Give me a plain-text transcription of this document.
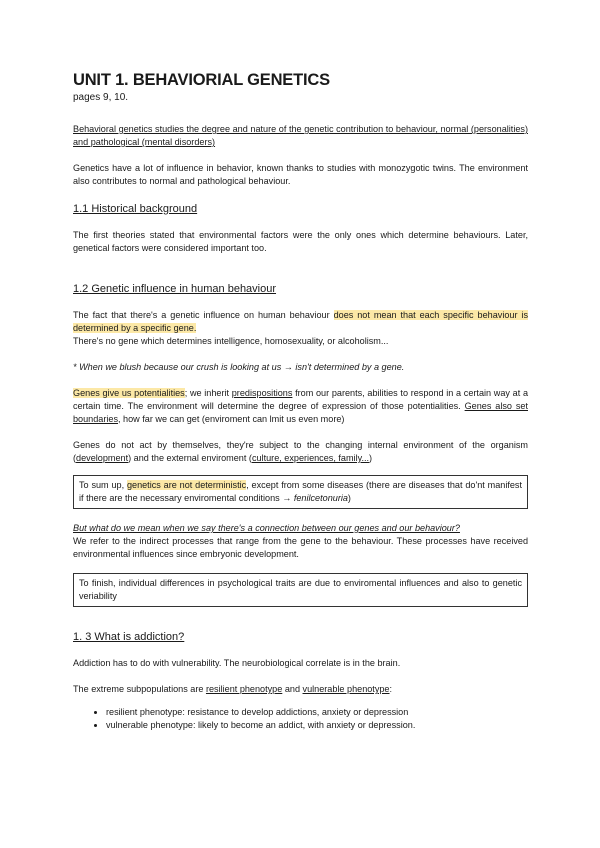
UNIT 1. BEHAVIORIAL GENETICS
pages 9, 10.

Behavioral genetics studies the degree and nature of the genetic contribution to behaviour, normal (personalities) and pathological (mental disorders)

Genetics have a lot of influence in behavior, known thanks to studies with monozygotic twins. The environment also contributes to normal and pathological behaviour.

1.1 Historical background

The first theories stated that environmental factors were the only ones which determine behaviours. Later, genetical factors were considered important too.

1.2 Genetic influence in human behaviour

The fact that there's a genetic influence on human behaviour does not mean that each specific behaviour is determined by a specific gene.

There's no gene which determines intelligence, homosexuality, or alcoholism...

* When we blush because our crush is looking at us → isn't determined by a gene.

Genes give us potentialities; we inherit predispositions from our parents, abilities to respond in a certain way at a certain time. The environment will determine the degree of expression of those potentialities. Genes also set boundaries, how far we can get (enviroment can lmit us even more)

Genes do not act by themselves, they're subject to the changing internal environment of the organism (development) and the external enviroment (culture, experiences, family...)

To sum up, genetics are not deterministic, except from some diseases (there are diseases that do'nt manifest if there are the necessary enviromental conditions → fenilcetonuria)

But what do we mean when we say there's a connection between our genes and our behaviour?

We refer to the indirect processes that range from the gene to the behaviour. These processes have received environmental influences since embryonic development.

To finish, individual differences in psychological traits are due to enviromental influences and also to genetic veriability

1. 3 What is addiction?

Addiction has to do with vulnerability. The neurobiological correlate is in the brain.

The extreme subpopulations are resilient phenotype and vulnerable phenotype:

• resilient phenotype: resistance to develop addictions, anxiety or depression
• vulnerable phenotype: likely to become an addict, with anxiety or depression.
